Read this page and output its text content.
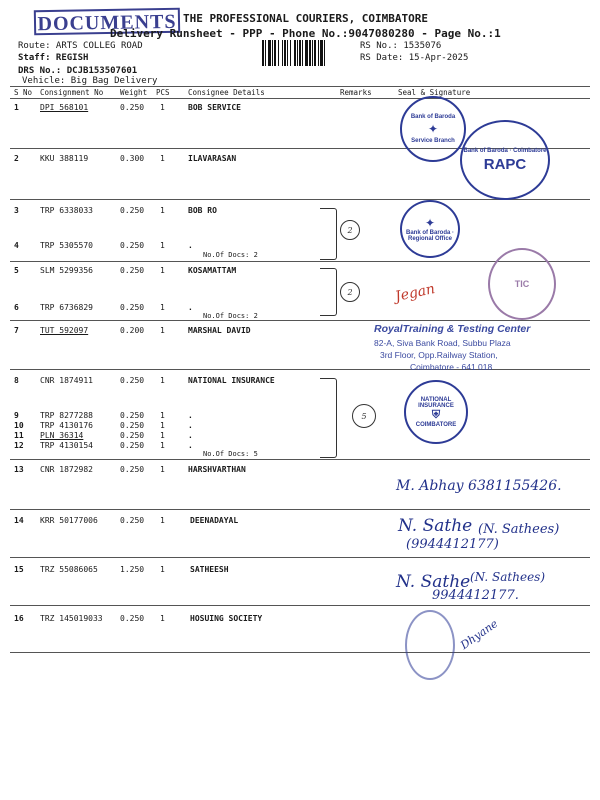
DOCUMENTS THE PROFESSIONAL COURIERS, COIMBATORE
Delivery Runsheet - PPP - Phone No.:9047080280 - Page No.:1
Route: ARTS COLLEG ROAD
Staff: REGISH
DRS No.: DCJB153507601
Vehicle: Big Bag Delivery
RS No.: 1535076
RS Date: 15-Apr-2025
S No Consignment No Weight PCS Consignee Details	Remarks	Seal & Signature
1	DPI 568101	0.250 1	BOB SERVICE
2	KKU 388119	0.300 1	ILAVARASAN
3	TRP 6338033	0.250 1	BOB RO
4	TRP 5305570	0.250 1	.
No.Of Docs: 2
5	SLM 5299356	0.250 1	KOSAMATTAM
6	TRP 6736829	0.250 1	.
No.Of Docs: 2
7	TUT 592097	0.200 1	MARSHAL DAVID
8	CNR 1874911	0.250 1	NATIONAL INSURANCE
9	TRP 8277288	0.250 1	.
10 TRP 4130176	0.250 1	.
11 PLN 36314	0.250 1	.
12 TRP 4130154	0.250 1	.
No.Of Docs: 5
13 CNR 1872982	0.250 1	HARSHVARTHAN
14 KRR 50177006	0.250 1	DEENADAYAL
15 TRZ 55086065	1.250 1	SATHEESH
16 TRZ 145019033 0.250 1	HOSUING SOCIETY
2
2
5
Bank of Baroda
✦
Service Branch
Bank of Baroda · Coimbatore
RAPC
✦
Bank of Baroda · Regional Office
TIC
Jegan
RoyalTraining & Testing Center
82-A, Siva Bank Road, Subbu Plaza
3rd Floor, Opp.Railway Station,
Coimbatore - 641 018
NATIONAL INSURANCE
⛨
COIMBATORE
M. Abhay 6381155426.
N. Sathe (N. Sathees)
(9944412177)
N. Sathe (N. Sathees)
9944412177.
Dhyane
